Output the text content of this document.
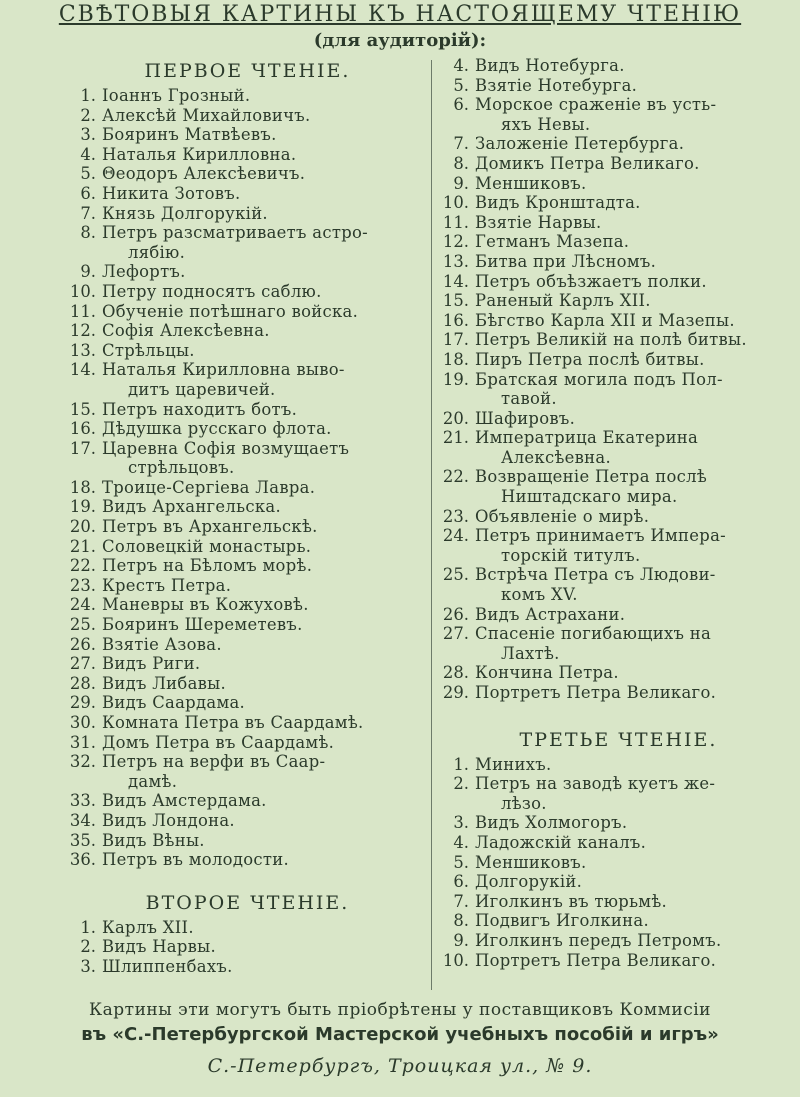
СВѢТОВЫЯ КАРТИНЫ КЪ НАСТОЯЩЕМУ ЧТЕНІЮ
(для аудиторій):
ПЕРВОЕ ЧТЕНІЕ.
1. Іоаннъ Грозный.
2. Алексѣй Михайловичъ.
3. Бояринъ Матвѣевъ.
4. Наталья Кирилловна.
5. Θеодоръ Алексѣевичъ.
6. Никита Зотовъ.
7. Князь Долгорукій.
8. Петръ разсматриваетъ астро-
лябію.
9. Лефортъ.
10. Петру подносятъ саблю.
11. Обученіе потѣшнаго войска.
12. Софія Алексѣевна.
13. Стрѣльцы.
14. Наталья Кирилловна выво-
дитъ царевичей.
15. Петръ находитъ ботъ.
16. Дѣдушка русскаго флота.
17. Царевна Софія возмущаетъ
стрѣльцовъ.
18. Троице-Сергіева Лавра.
19. Видъ Архангельска.
20. Петръ въ Архангельскѣ.
21. Соловецкій монастырь.
22. Петръ на Бѣломъ морѣ.
23. Крестъ Петра.
24. Маневры въ Кожуховѣ.
25. Бояринъ Шереметевъ.
26. Взятіе Азова.
27. Видъ Риги.
28. Видъ Либавы.
29. Видъ Саардама.
30. Комната Петра въ Саардамѣ.
31. Домъ Петра въ Саардамѣ.
32. Петръ на верфи въ Саар-
дамѣ.
33. Видъ Амстердама.
34. Видъ Лондона.
35. Видъ Вѣны.
36. Петръ въ молодости.
ВТОРОЕ ЧТЕНІЕ.
1. Карлъ XII.
2. Видъ Нарвы.
3. Шлиппенбахъ.
4. Видъ Нотебурга.
5. Взятіе Нотебурга.
6. Морское сраженіе въ усть-
яхъ Невы.
7. Заложеніе Петербурга.
8. Домикъ Петра Великаго.
9. Меншиковъ.
10. Видъ Кронштадта.
11. Взятіе Нарвы.
12. Гетманъ Мазепа.
13. Битва при Лѣсномъ.
14. Петръ объѣзжаетъ полки.
15. Раненый Карлъ XII.
16. Бѣгство Карла XII и Мазепы.
17. Петръ Великій на полѣ битвы.
18. Пиръ Петра послѣ битвы.
19. Братская могила подъ Пол-
тавой.
20. Шафировъ.
21. Императрица Екатерина
Алексѣевна.
22. Возвращеніе Петра послѣ
Ништадскаго мира.
23. Объявленіе о мирѣ.
24. Петръ принимаетъ Импера-
торскій титулъ.
25. Встрѣча Петра съ Людови-
комъ XV.
26. Видъ Астрахани.
27. Спасеніе погибающихъ на
Лахтѣ.
28. Кончина Петра.
29. Портретъ Петра Великаго.
ТРЕТЬЕ ЧТЕНІЕ.
1. Минихъ.
2. Петръ на заводѣ куетъ же-
лѣзо.
3. Видъ Холмогоръ.
4. Ладожскій каналъ.
5. Меншиковъ.
6. Долгорукій.
7. Иголкинъ въ тюрьмѣ.
8. Подвигъ Иголкина.
9. Иголкинъ передъ Петромъ.
10. Портретъ Петра Великаго.
Картины эти могутъ быть пріобрѣтены у поставщиковъ Коммисіи
въ «С.-Петербургской Мастерской учебныхъ пособій и игръ»
С.-Петербургъ, Троицкая ул., № 9.
